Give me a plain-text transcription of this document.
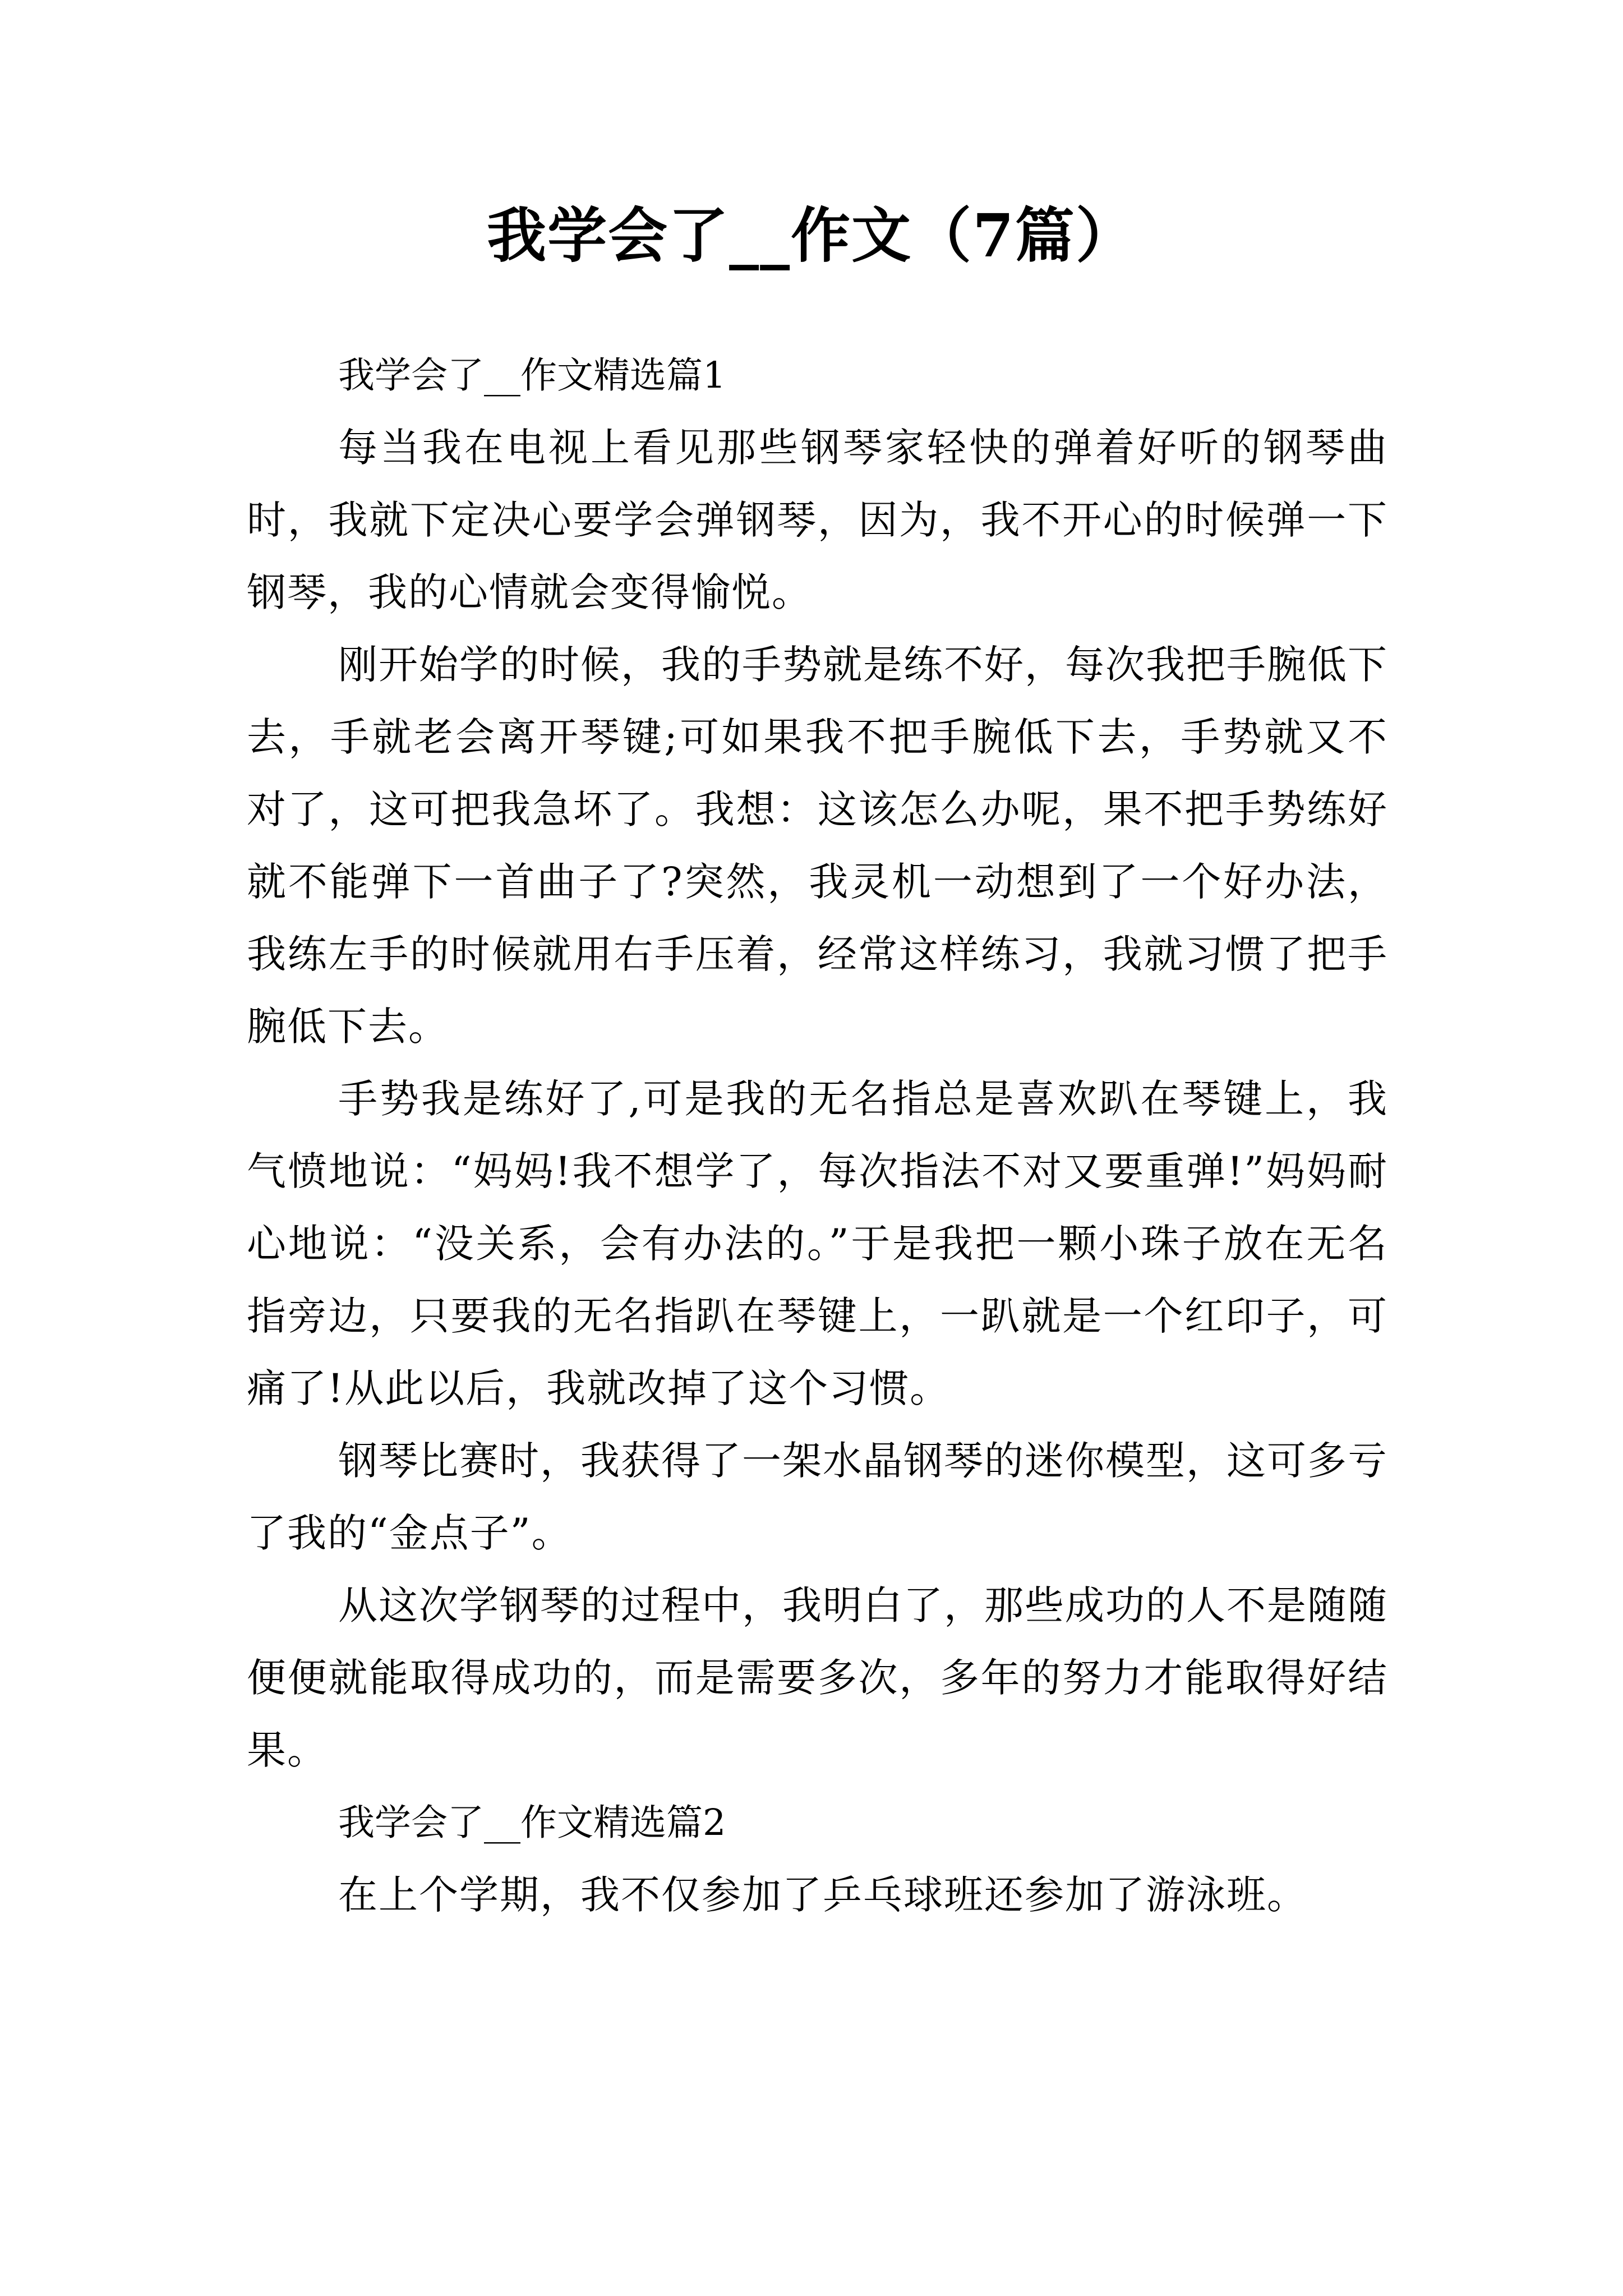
我学会了__作文（7篇）

我学会了__作文精选篇1

每当我在电视上看见那些钢琴家轻快的弹着好听的钢琴曲时，我就下定决心要学会弹钢琴，因为，我不开心的时候弹一下钢琴，我的心情就会变得愉悦。

刚开始学的时候，我的手势就是练不好，每次我把手腕低下去，手就老会离开琴键;可如果我不把手腕低下去，手势就又不对了，这可把我急坏了。我想：这该怎么办呢，果不把手势练好就不能弹下一首曲子了?突然，我灵机一动想到了一个好办法，我练左手的时候就用右手压着，经常这样练习，我就习惯了把手腕低下去。

手势我是练好了,可是我的无名指总是喜欢趴在琴键上，我气愤地说：“妈妈!我不想学了，每次指法不对又要重弹!”妈妈耐心地说：“没关系，会有办法的。”于是我把一颗小珠子放在无名指旁边，只要我的无名指趴在琴键上，一趴就是一个红印子，可痛了!从此以后，我就改掉了这个习惯。

钢琴比赛时，我获得了一架水晶钢琴的迷你模型，这可多亏了我的“金点子”。

从这次学钢琴的过程中，我明白了，那些成功的人不是随随便便就能取得成功的，而是需要多次，多年的努力才能取得好结果。

我学会了__作文精选篇2

在上个学期，我不仅参加了乒乓球班还参加了游泳班。
